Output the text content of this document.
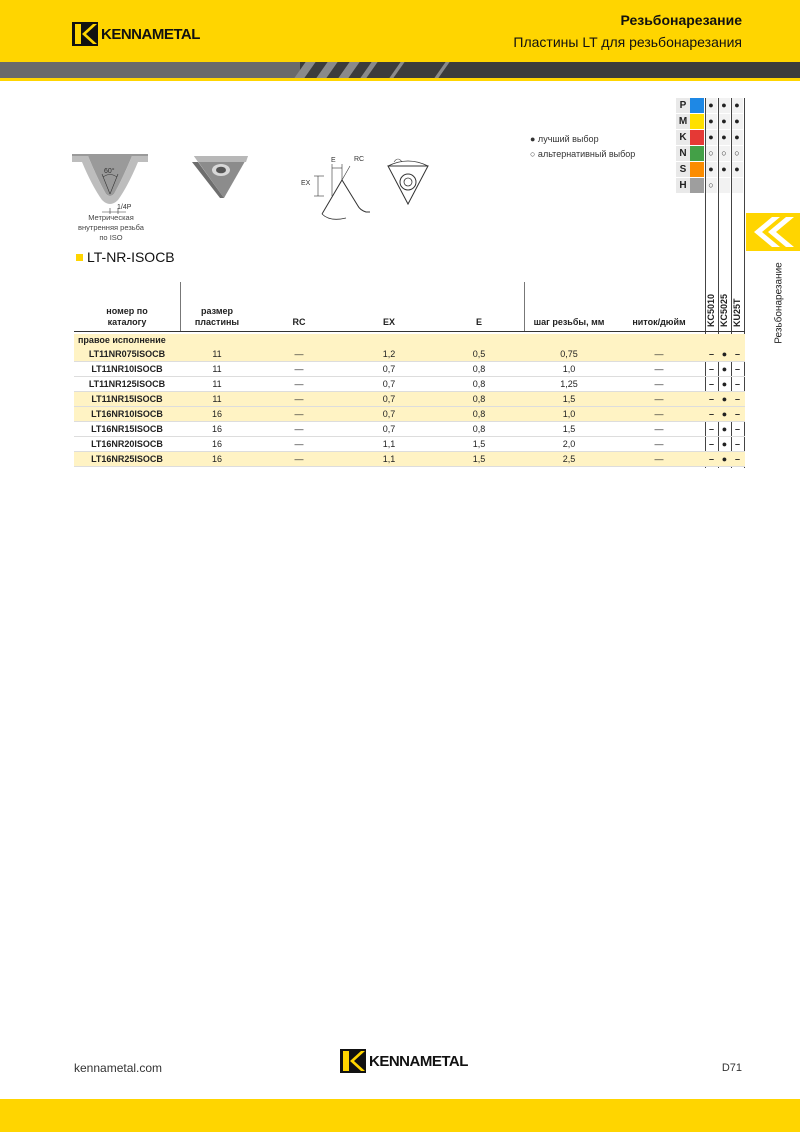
KENNAMETAL
Резьбонарезание
Пластины LT для резьбонарезания
P	● ● ●
M	● ● ●
K	● ● ●
N	○ ○ ○
S	● ● ●
H	○
● лучший выбор
○ альтернативный выбор
Резьбонарезание
60°
1/4P
Метрическая внутренняя резьба по ISO
E	RC
EX
LT-NR-ISOCB
номер по каталогу
размер пластины	RC	EX	E	шаг резьбы, мм	ниток/дюйм	KC5010 KC5025 KU25T
правое исполнение
LT11NR075ISOCB	11	—	1,2	0,5	0,75	—	– ● –
LT11NR10ISOCB	11	—	0,7	0,8	1,0	—	– ● –
LT11NR125ISOCB	11	—	0,7	0,8	1,25	—	– ● –
LT11NR15ISOCB	11	—	0,7	0,8	1,5	—	– ● –
LT16NR10ISOCB	16	—	0,7	0,8	1,0	—	– ● –
LT16NR15ISOCB	16	—	0,7	0,8	1,5	—	– ● –
LT16NR20ISOCB	16	—	1,1	1,5	2,0	—	– ● –
LT16NR25ISOCB	16	—	1,1	1,5	2,5	—	– ● –
kennametal.com	KENNAMETAL	D71
